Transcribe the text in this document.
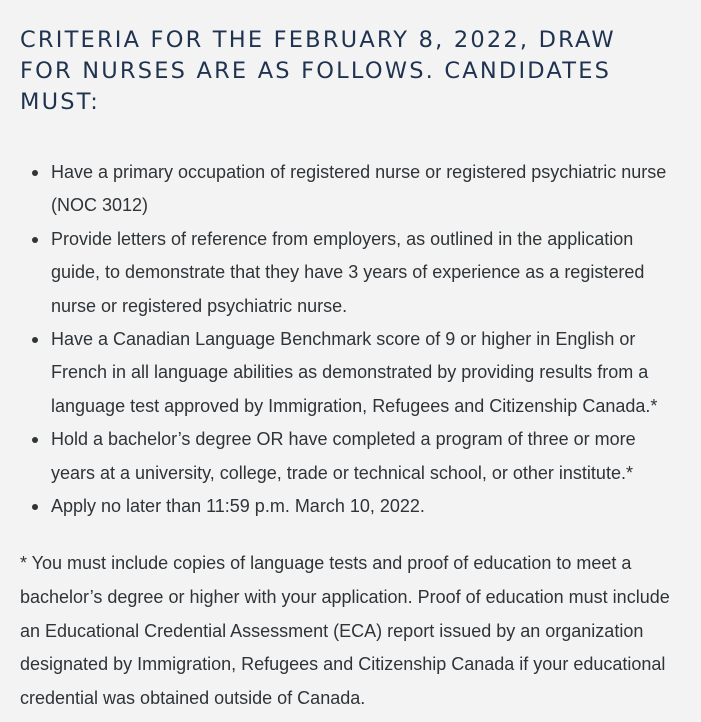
CRITERIA FOR THE FEBRUARY 8, 2022, DRAW FOR NURSES ARE AS FOLLOWS. CANDIDATES MUST:
Have a primary occupation of registered nurse or registered psychiatric nurse (NOC 3012)
Provide letters of reference from employers, as outlined in the application guide, to demonstrate that they have 3 years of experience as a registered nurse or registered psychiatric nurse.
Have a Canadian Language Benchmark score of 9 or higher in English or French in all language abilities as demonstrated by providing results from a language test approved by Immigration, Refugees and Citizenship Canada.*
Hold a bachelor’s degree OR have completed a program of three or more years at a university, college, trade or technical school, or other institute.*
Apply no later than 11:59 p.m. March 10, 2022.

* You must include copies of language tests and proof of education to meet a bachelor’s degree or higher with your application. Proof of education must include an Educational Credential Assessment (ECA) report issued by an organization designated by Immigration, Refugees and Citizenship Canada if your educational credential was obtained outside of Canada.
